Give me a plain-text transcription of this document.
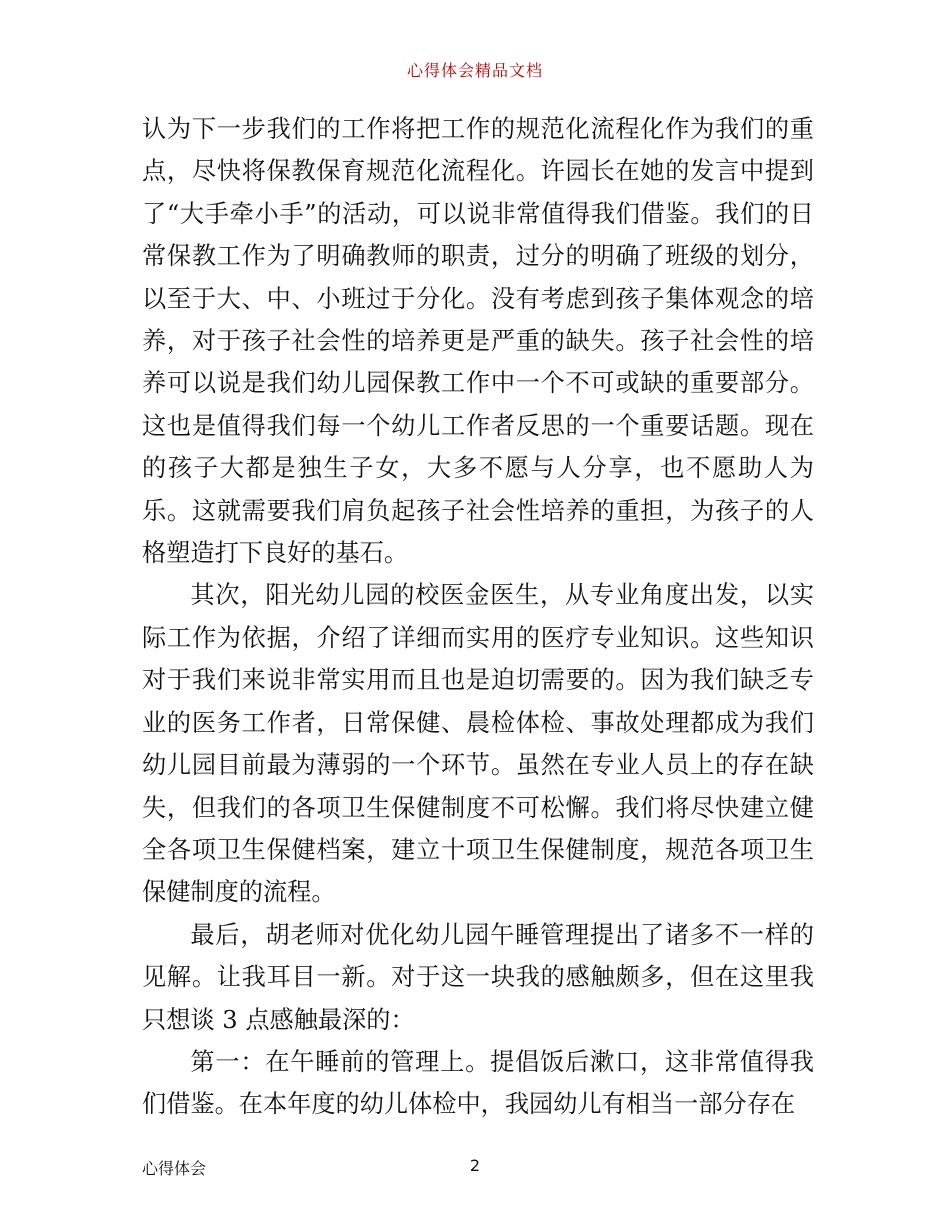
心得体会精品文档

认为下一步我们的工作将把工作的规范化流程化作为我们的重点，尽快将保教保育规范化流程化。许园长在她的发言中提到了“大手牵小手”的活动，可以说非常值得我们借鉴。我们的日常保教工作为了明确教师的职责，过分的明确了班级的划分，以至于大、中、小班过于分化。没有考虑到孩子集体观念的培养，对于孩子社会性的培养更是严重的缺失。孩子社会性的培养可以说是我们幼儿园保教工作中一个不可或缺的重要部分。这也是值得我们每一个幼儿工作者反思的一个重要话题。现在的孩子大都是独生子女，大多不愿与人分享，也不愿助人为乐。这就需要我们肩负起孩子社会性培养的重担，为孩子的人格塑造打下良好的基石。

其次，阳光幼儿园的校医金医生，从专业角度出发，以实际工作为依据，介绍了详细而实用的医疗专业知识。这些知识对于我们来说非常实用而且也是迫切需要的。因为我们缺乏专业的医务工作者，日常保健、晨检体检、事故处理都成为我们幼儿园目前最为薄弱的一个环节。虽然在专业人员上的存在缺失，但我们的各项卫生保健制度不可松懈。我们将尽快建立健全各项卫生保健档案，建立十项卫生保健制度，规范各项卫生保健制度的流程。

最后，胡老师对优化幼儿园午睡管理提出了诸多不一样的见解。让我耳目一新。对于这一块我的感触颇多，但在这里我只想谈 3 点感触最深的：

第一：在午睡前的管理上。提倡饭后漱口，这非常值得我们借鉴。在本年度的幼儿体检中，我园幼儿有相当一部分存在

心得体会	2
